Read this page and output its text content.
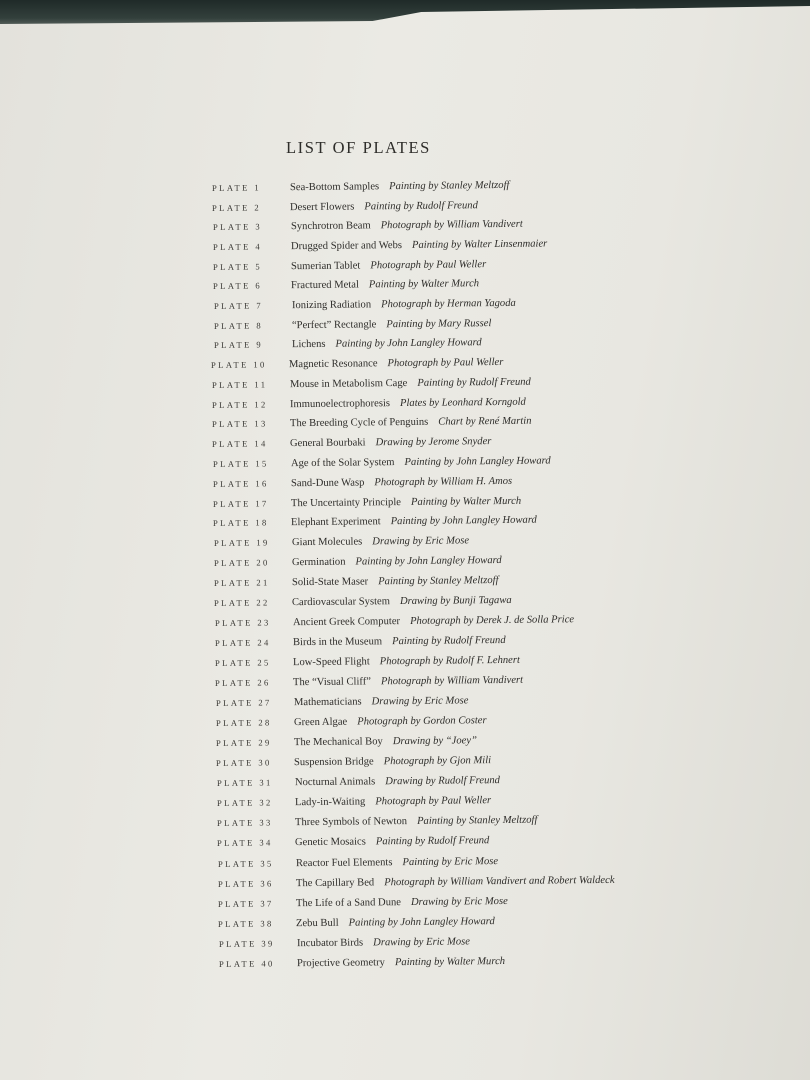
LIST OF PLATES
PLATE 1	Sea-Bottom Samples Painting by Stanley Meltzoff
PLATE 2	Desert Flowers Painting by Rudolf Freund
PLATE 3	Synchrotron Beam Photograph by William Vandivert
PLATE 4	Drugged Spider and Webs Painting by Walter Linsenmaier
PLATE 5	Sumerian Tablet Photograph by Paul Weller
PLATE 6	Fractured Metal Painting by Walter Murch
PLATE 7	Ionizing Radiation Photograph by Herman Yagoda
PLATE 8	“Perfect” Rectangle Painting by Mary Russel
PLATE 9	Lichens Painting by John Langley Howard
PLATE 10 Magnetic Resonance Photograph by Paul Weller
PLATE 11 Mouse in Metabolism Cage Painting by Rudolf Freund
PLATE 12 Immunoelectrophoresis Plates by Leonhard Korngold
PLATE 13 The Breeding Cycle of Penguins Chart by René Martin
PLATE 14 General Bourbaki Drawing by Jerome Snyder
PLATE 15 Age of the Solar System Painting by John Langley Howard
PLATE 16 Sand-Dune Wasp Photograph by William H. Amos
PLATE 17 The Uncertainty Principle Painting by Walter Murch
PLATE 18 Elephant Experiment Painting by John Langley Howard
PLATE 19 Giant Molecules Drawing by Eric Mose
PLATE 20 Germination Painting by John Langley Howard
PLATE 21 Solid-State Maser Painting by Stanley Meltzoff
PLATE 22 Cardiovascular System Drawing by Bunji Tagawa
PLATE 23 Ancient Greek Computer Photograph by Derek J. de Solla Price
PLATE 24 Birds in the Museum Painting by Rudolf Freund
PLATE 25 Low-Speed Flight Photograph by Rudolf F. Lehnert
PLATE 26 The “Visual Cliff” Photograph by William Vandivert
PLATE 27 Mathematicians Drawing by Eric Mose
PLATE 28 Green Algae Photograph by Gordon Coster
PLATE 29 The Mechanical Boy Drawing by “Joey”
PLATE 30 Suspension Bridge Photograph by Gjon Mili
PLATE 31 Nocturnal Animals Drawing by Rudolf Freund
PLATE 32 Lady-in-Waiting Photograph by Paul Weller
PLATE 33 Three Symbols of Newton Painting by Stanley Meltzoff
PLATE 34 Genetic Mosaics Painting by Rudolf Freund
PLATE 35 Reactor Fuel Elements Painting by Eric Mose
PLATE 36 The Capillary Bed Photograph by William Vandivert and Robert Waldeck
PLATE 37 The Life of a Sand Dune Drawing by Eric Mose
PLATE 38 Zebu Bull Painting by John Langley Howard
PLATE 39 Incubator Birds Drawing by Eric Mose
PLATE 40 Projective Geometry Painting by Walter Murch
